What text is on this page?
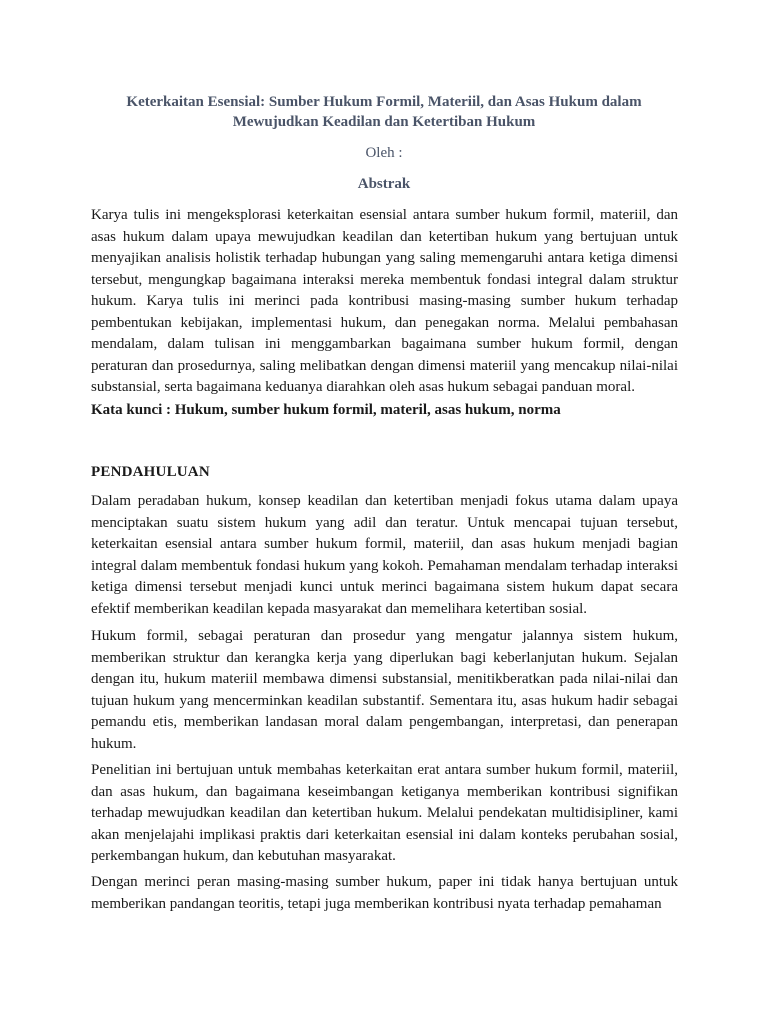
Keterkaitan Esensial: Sumber Hukum Formil, Materiil, dan Asas Hukum dalam
Mewujudkan Keadilan dan Ketertiban Hukum
Oleh :
Abstrak

Karya tulis ini mengeksplorasi keterkaitan esensial antara sumber hukum formil, materiil, dan asas hukum dalam upaya mewujudkan keadilan dan ketertiban hukum yang bertujuan untuk menyajikan analisis holistik terhadap hubungan yang saling memengaruhi antara ketiga dimensi tersebut, mengungkap bagaimana interaksi mereka membentuk fondasi integral dalam struktur hukum. Karya tulis ini merinci pada kontribusi masing-masing sumber hukum terhadap pembentukan kebijakan, implementasi hukum, dan penegakan norma. Melalui pembahasan mendalam, dalam tulisan ini menggambarkan bagaimana sumber hukum formil, dengan peraturan dan prosedurnya, saling melibatkan dengan dimensi materiil yang mencakup nilai-nilai substansial, serta bagaimana keduanya diarahkan oleh asas hukum sebagai panduan moral.

Kata kunci : Hukum, sumber hukum formil, materil, asas hukum, norma
PENDAHULUAN

Dalam peradaban hukum, konsep keadilan dan ketertiban menjadi fokus utama dalam upaya menciptakan suatu sistem hukum yang adil dan teratur. Untuk mencapai tujuan tersebut, keterkaitan esensial antara sumber hukum formil, materiil, dan asas hukum menjadi bagian integral dalam membentuk fondasi hukum yang kokoh. Pemahaman mendalam terhadap interaksi ketiga dimensi tersebut menjadi kunci untuk merinci bagaimana sistem hukum dapat secara efektif memberikan keadilan kepada masyarakat dan memelihara ketertiban sosial.

Hukum formil, sebagai peraturan dan prosedur yang mengatur jalannya sistem hukum, memberikan struktur dan kerangka kerja yang diperlukan bagi keberlanjutan hukum. Sejalan dengan itu, hukum materiil membawa dimensi substansial, menitikberatkan pada nilai-nilai dan tujuan hukum yang mencerminkan keadilan substantif. Sementara itu, asas hukum hadir sebagai pemandu etis, memberikan landasan moral dalam pengembangan, interpretasi, dan penerapan hukum.

Penelitian ini bertujuan untuk membahas keterkaitan erat antara sumber hukum formil, materiil, dan asas hukum, dan bagaimana keseimbangan ketiganya memberikan kontribusi signifikan terhadap mewujudkan keadilan dan ketertiban hukum. Melalui pendekatan multidisipliner, kami akan menjelajahi implikasi praktis dari keterkaitan esensial ini dalam konteks perubahan sosial, perkembangan hukum, dan kebutuhan masyarakat.

Dengan merinci peran masing-masing sumber hukum, paper ini tidak hanya bertujuan untuk memberikan pandangan teoritis, tetapi juga memberikan kontribusi nyata terhadap pemahaman
